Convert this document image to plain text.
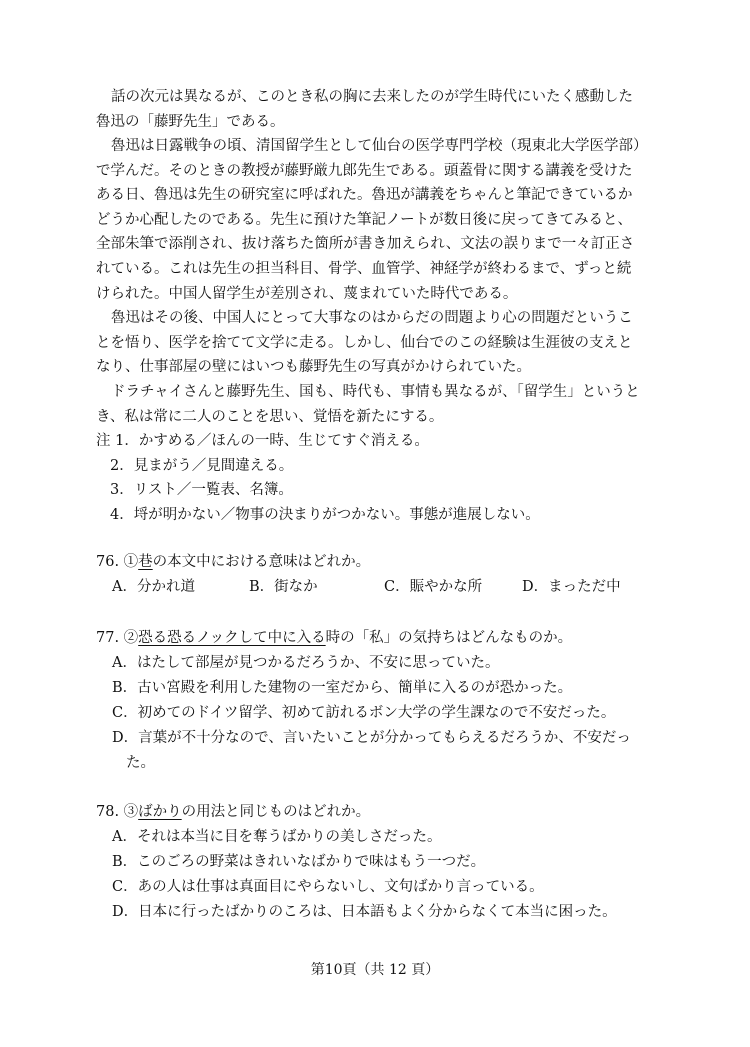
話の次元は異なるが、このとき私の胸に去来したのが学生時代にいたく感動した
魯迅の「藤野先生」である。
魯迅は日露戦争の頃、清国留学生として仙台の医学専門学校（現東北大学医学部）
で学んだ。そのときの教授が藤野厳九郎先生である。頭蓋骨に関する講義を受けた
ある日、魯迅は先生の研究室に呼ばれた。魯迅が講義をちゃんと筆記できているか
どうか心配したのである。先生に預けた筆記ノートが数日後に戻ってきてみると、
全部朱筆で添削され、抜け落ちた箇所が書き加えられ、文法の誤りまで一々訂正さ
れている。これは先生の担当科目、骨学、血管学、神経学が終わるまで、ずっと続
けられた。中国人留学生が差別され、蔑まれていた時代である。
魯迅はその後、中国人にとって大事なのはからだの問題より心の問題だというこ
とを悟り、医学を捨てて文学に走る。しかし、仙台でのこの経験は生涯彼の支えと
なり、仕事部屋の壁にはいつも藤野先生の写真がかけられていた。
ドラチャイさんと藤野先生、国も、時代も、事情も異なるが、「留学生」というと
き、私は常に二人のことを思い、覚悟を新たにする。
注 1．かすめる／ほんの一時、生じてすぐ消える。
2．見まがう／見間違える。
3．リスト／一覧表、名簿。
4．埒が明かない／物事の決まりがつかない。事態が進展しない。
76. ①巷の本文中における意味はどれか。
A．分かれ道	B．街なか	C．賑やかな所	D．まっただ中
77. ②恐る恐るノックして中に入る時の「私」の気持ちはどんなものか。
A．はたして部屋が見つかるだろうか、不安に思っていた。
B．古い宮殿を利用した建物の一室だから、簡単に入るのが恐かった。
C．初めてのドイツ留学、初めて訪れるボン大学の学生課なので不安だった。
D．言葉が不十分なので、言いたいことが分かってもらえるだろうか、不安だっ
た。
78. ③ばかりの用法と同じものはどれか。
A．それは本当に目を奪うばかりの美しさだった。
B．このごろの野菜はきれいなばかりで味はもう一つだ。
C．あの人は仕事は真面目にやらないし、文句ばかり言っている。
D．日本に行ったばかりのころは、日本語もよく分からなくて本当に困った。
第10頁（共 12 頁）
